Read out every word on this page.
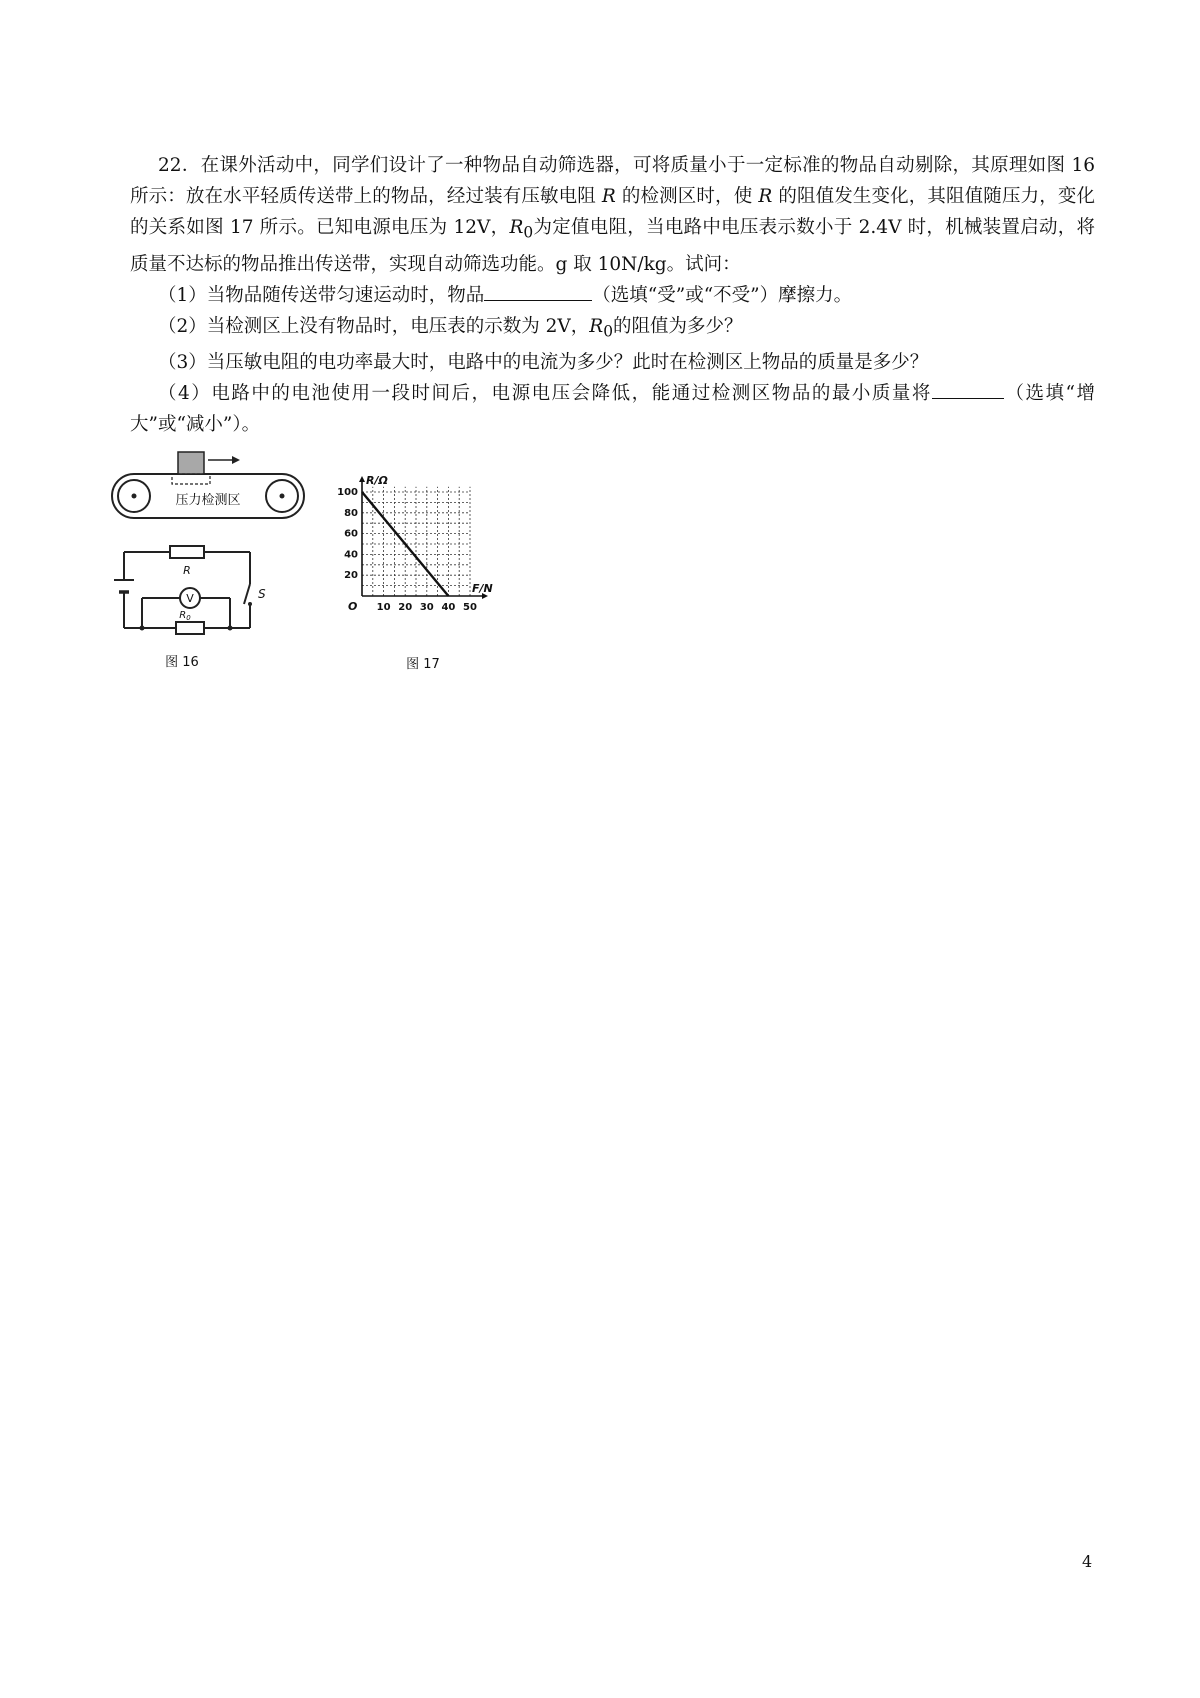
22．在课外活动中，同学们设计了一种物品自动筛选器，可将质量小于一定标准的物品自动剔除，其原理如图 16 所示：放在水平轻质传送带上的物品，经过装有压敏电阻 R 的检测区时，使 R 的阻值发生变化，其阻值随压力，变化的关系如图 17 所示。已知电源电压为 12V，$R_0$为定值电阻，当电路中电压表示数小于 2.4V 时，机械装置启动，将质量不达标的物品推出传送带，实现自动筛选功能。g 取 10N/kg。试问：

（1）当物品随传送带匀速运动时，物品	（选填“受”或“不受”）摩擦力。

（2）当检测区上没有物品时，电压表的示数为 2V，$R_0$的阻值为多少？

（3）当压敏电阻的电功率最大时，电路中的电流为多少？此时在检测区上物品的质量是多少？

（4）电路中的电池使用一段时间后，电源电压会降低，能通过检测区物品的最小质量将	（选填“增大”或“减小”）。

压力检测区
R
S
V
$R_0$
图 16
10 20 30 40 50
20
40
60
80
100
R/Ω
F/N
O
图 17
4
